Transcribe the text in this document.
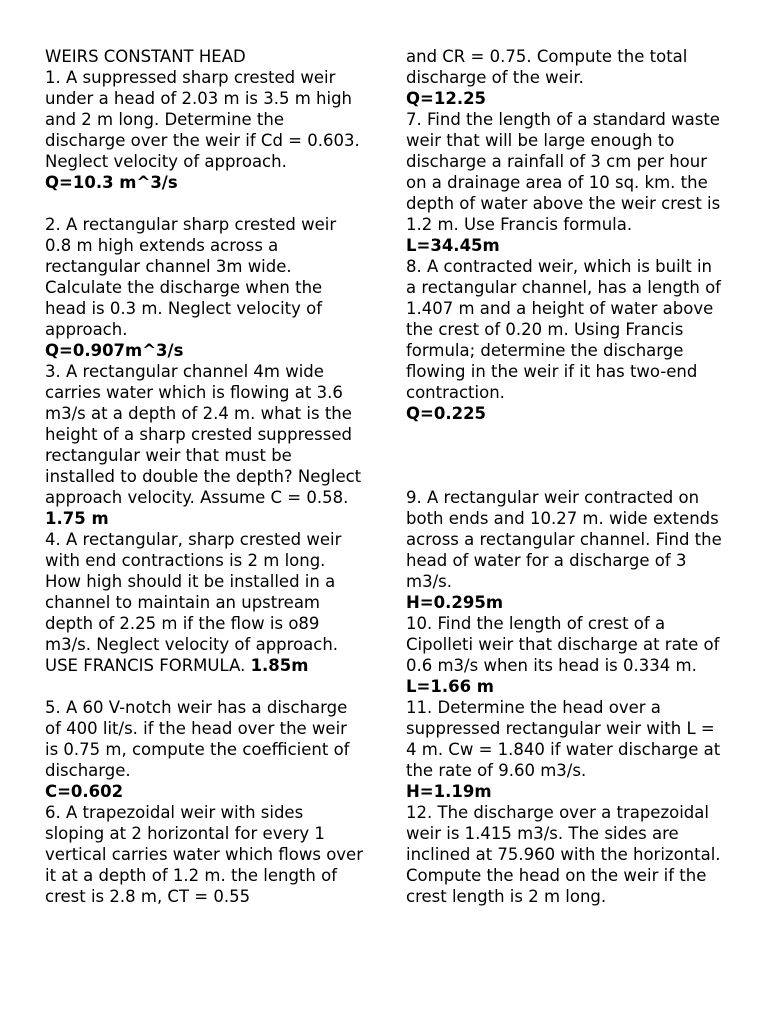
WEIRS CONSTANT HEAD

1. A suppressed sharp crested weir under a head of 2.03 m is 3.5 m high and 2 m long. Determine the discharge over the weir if Cd = 0.603. Neglect velocity of approach.

Q=10.3 m^3/s

2. A rectangular sharp crested weir 0.8 m high extends across a rectangular channel 3m wide. Calculate the discharge when the head is 0.3 m. Neglect velocity of approach.

Q=0.907m^3/s

3. A rectangular channel 4m wide carries water which is flowing at 3.6 m3/s at a depth of 2.4 m. what is the height of a sharp crested suppressed rectangular weir that must be installed to double the depth? Neglect approach velocity. Assume C = 0.58.

1.75 m

4. A rectangular, sharp crested weir with end contractions is 2 m long. How high should it be installed in a channel to maintain an upstream depth of 2.25 m if the flow is o89 m3/s. Neglect velocity of approach. USE FRANCIS FORMULA. 1.85m

5. A 60 V-notch weir has a discharge of 400 lit/s. if the head over the weir is 0.75 m, compute the coefficient of discharge.

C=0.602

6. A trapezoidal weir with sides sloping at 2 horizontal for every 1 vertical carries water which flows over it at a depth of 1.2 m. the length of crest is 2.8 m, CT = 0.55

and CR = 0.75. Compute the total discharge of the weir.

Q=12.25

7. Find the length of a standard waste weir that will be large enough to discharge a rainfall of 3 cm per hour on a drainage area of 10 sq. km. the depth of water above the weir crest is 1.2 m. Use Francis formula.

L=34.45m

8. A contracted weir, which is built in a rectangular channel, has a length of 1.407 m and a height of water above the crest of 0.20 m. Using Francis formula; determine the discharge flowing in the weir if it has two-end contraction.

Q=0.225

9. A rectangular weir contracted on both ends and 10.27 m. wide extends across a rectangular channel. Find the head of water for a discharge of 3 m3/s.

H=0.295m

10. Find the length of crest of a Cipolleti weir that discharge at rate of 0.6 m3/s when its head is 0.334 m.

L=1.66 m

11. Determine the head over a suppressed rectangular weir with L = 4 m. Cw = 1.840 if water discharge at the rate of 9.60 m3/s.

H=1.19m

12. The discharge over a trapezoidal weir is 1.415 m3/s. The sides are inclined at 75.960 with the horizontal. Compute the head on the weir if the crest length is 2 m long.
